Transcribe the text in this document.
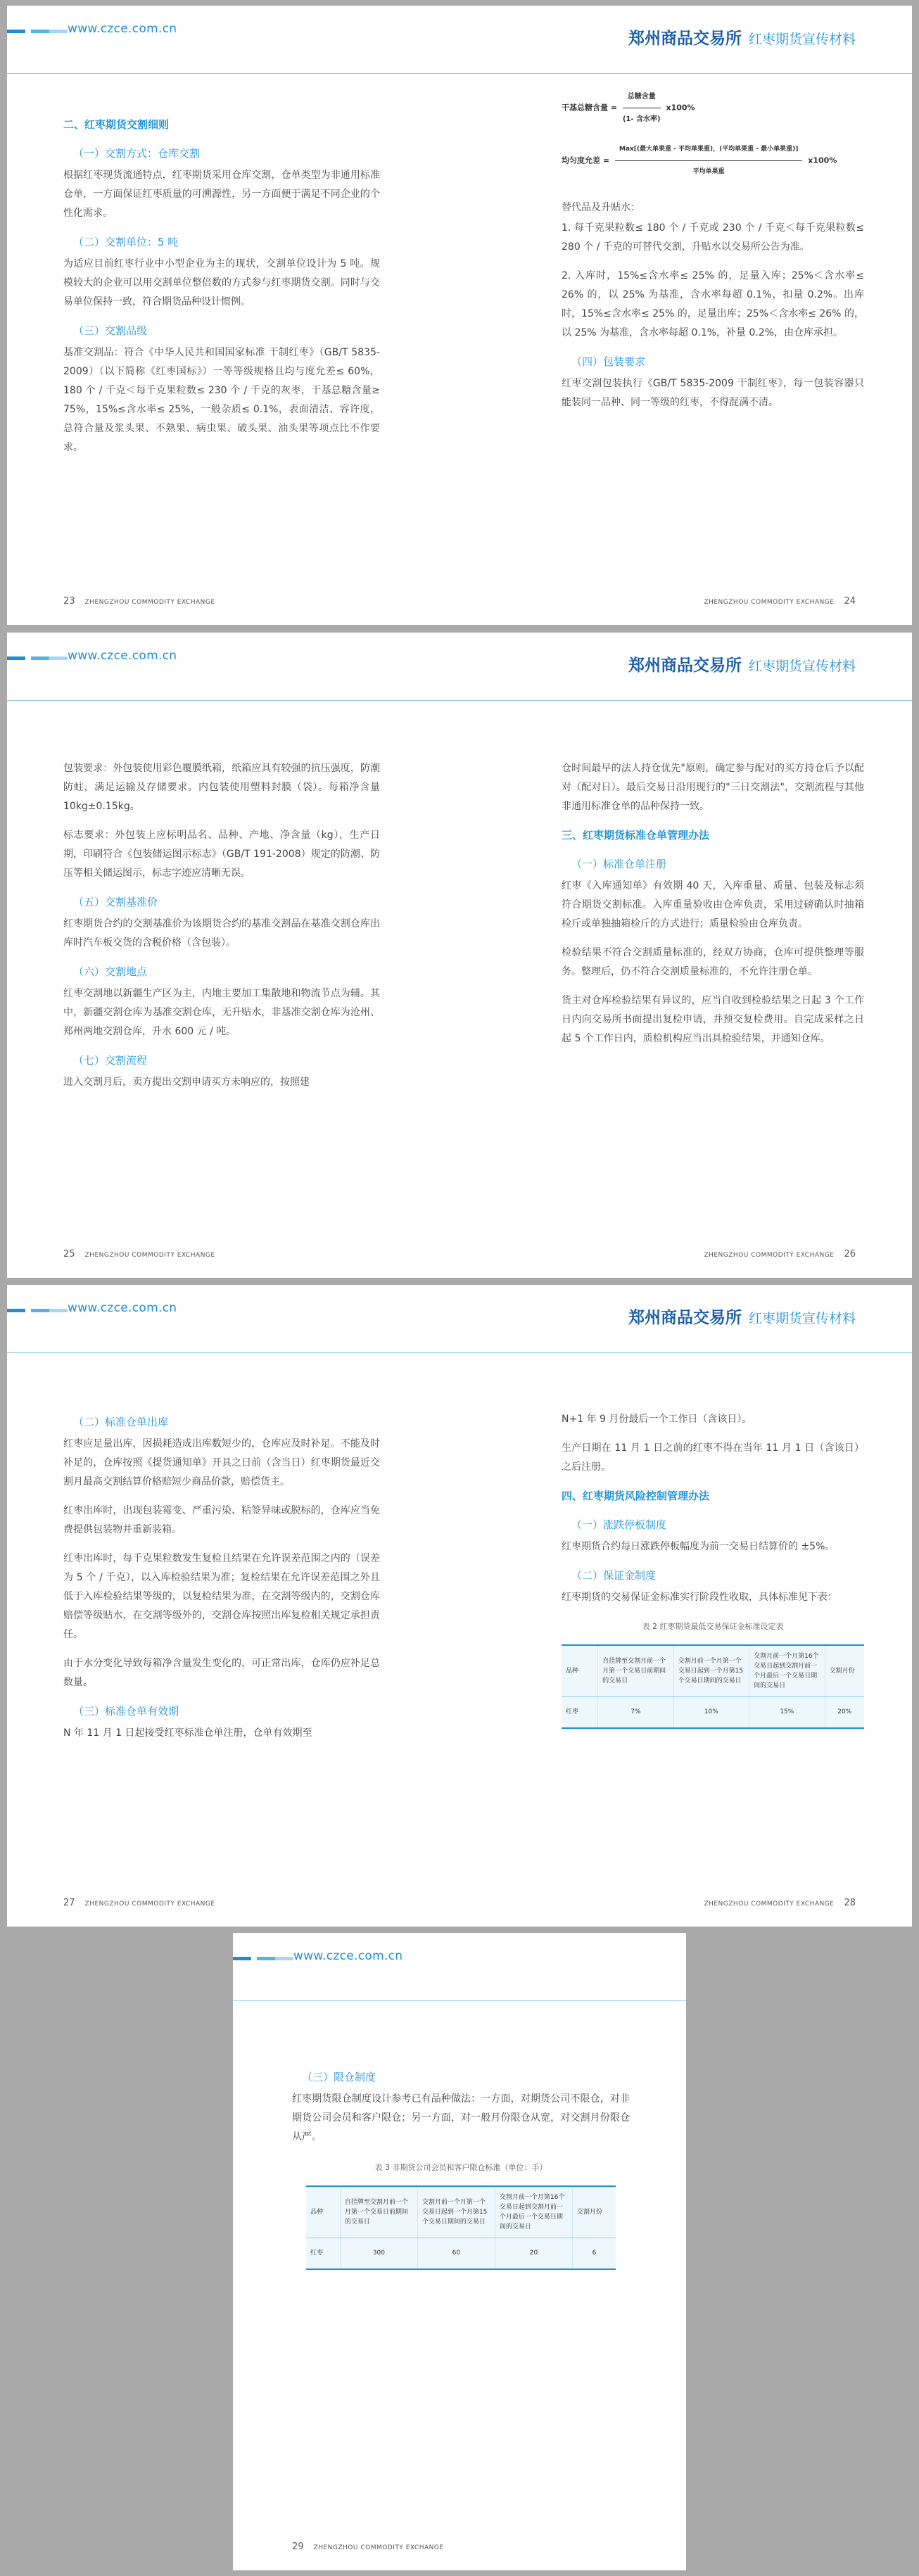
www.czce.com.cn
郑州商品交易所 红枣期货宣传材料
二、红枣期货交割细则
（一）交割方式：仓库交割

根据红枣现货流通特点，红枣期货采用仓库交割，仓单类型为非通用标准仓单，一方面保证红枣质量的可溯源性，另一方面便于满足不同企业的个性化需求。

（二）交割单位：5 吨

为适应目前红枣行业中小型企业为主的现状，交割单位设计为 5 吨。规模较大的企业可以用交割单位整倍数的方式参与红枣期货交割。同时与交易单位保持一致，符合期货品种设计惯例。

（三）交割品级

基准交割品：符合《中华人民共和国国家标准 干制红枣》（GB/T 5835-2009）（以下简称《红枣国标》）一等等级规格且均与度允差≤ 60%，180 个 / 千克＜每千克果粒数≤ 230 个 / 千克的灰枣，干基总糖含量≥ 75%，15%≤含水率≤ 25%，一般杂质≤ 0.1%，表面清洁、容许度，总符合量及浆头果、不熟果、病虫果、破头果、油头果等项点比不作要求。

23 ZHENGZHOU COMMODITY EXCHANGE
干基总糖含量 = $\frac{\text{总糖含量}}{\text{(1- 含水率)}} x100\%$
均匀度允差 = $\frac{\text{Max[(最大单果重 - 平均单果重)，(平均单果重 - 最小单果重)]}}{\text{平均单果重}} x100\%$

替代品及升贴水：

1. 每千克果粒数≤ 180 个 / 千克或 230 个 / 千克＜每千克果粒数≤ 280 个 / 千克的可替代交割，升贴水以交易所公告为准。

2. 入库时，15%≤含水率≤ 25% 的，足量入库；25%＜含水率≤ 26% 的，以 25% 为基准，含水率每超 0.1%，扣量 0.2%。出库时，15%≤含水率≤ 25% 的，足量出库；25%＜含水率≤ 26% 的，以 25% 为基准，含水率每超 0.1%，补量 0.2%，由仓库承担。

（四）包装要求

红枣交割包装执行《GB/T 5835-2009 干制红枣》，每一包装容器只能装同一品种、同一等级的红枣，不得混满不清。

ZHENGZHOU COMMODITY EXCHANGE 24
www.czce.com.cn
郑州商品交易所 红枣期货宣传材料

包装要求：外包装使用彩色覆膜纸箱，纸箱应具有较强的抗压强度，防潮防蛀，满足运输及存储要求。内包装使用塑料封膜（袋）。每箱净含量 10kg±0.15kg。

标志要求：外包装上应标明品名、品种、产地、净含量（kg），生产日期，印刷符合《包装储运图示标志》（GB/T 191-2008）规定的防潮、防压等相关储运图示，标志字迹应清晰无误。

（五）交割基准价

红枣期货合约的交割基准价为该期货合约的基准交割品在基准交割仓库出库时汽车板交货的含税价格（含包装）。

（六）交割地点

红枣交割地以新疆生产区为主，内地主要加工集散地和物流节点为辅。其中，新疆交割仓库为基准交割仓库，无升贴水，非基准交割仓库为沧州、郑州两地交割仓库，升水 600 元 / 吨。

（七）交割流程

进入交割月后，卖方提出交割申请买方未响应的，按照建

25 ZHENGZHOU COMMODITY EXCHANGE

仓时间最早的法人持仓优先"原则，确定参与配对的买方持仓后予以配对（配对日）。最后交易日沿用现行的"三日交割法"，交割流程与其他非通用标准仓单的品种保持一致。

三、红枣期货标准仓单管理办法
（一）标准仓单注册

红枣《入库通知单》有效期 40 天，入库重量、质量、包装及标志须符合期货交割标准。入库重量验收由仓库负责，采用过磅确认时抽箱检斤或单独抽箱检斤的方式进行；质量检验由仓库负责。

检验结果不符合交割质量标准的，经双方协商，仓库可提供整理等服务。整理后，仍不符合交割质量标准的，不允许注册仓单。

货主对仓库检验结果有异议的，应当自收到检验结果之日起 3 个工作日内向交易所书面提出复检申请，并预交复检费用。自完成采样之日起 5 个工作日内，质检机构应当出具检验结果，并通知仓库。

ZHENGZHOU COMMODITY EXCHANGE 26
www.czce.com.cn
郑州商品交易所 红枣期货宣传材料
（二）标准仓单出库

红枣应足量出库，因损耗造成出库数短少的，仓库应及时补足。不能及时补足的，仓库按照《提货通知单》开具之日前（含当日）红枣期货最近交割月最高交割结算价格赔短少商品价款，赔偿货主。

红枣出库时，出现包装霉变、严重污染、粘签异味或脱标的，仓库应当免费提供包装物并重新装箱。

红枣出库时，每千克果粒数发生复检且结果在允许误差范围之内的（误差为 5 个 / 千克），以入库检验结果为准；复检结果在允许误差范围之外且低于入库检验结果等级的，以复检结果为准，在交割等级内的，交割仓库赔偿等级贴水，在交割等级外的，交割仓库按照出库复检相关规定承担责任。

由于水分变化导致每箱净含量发生变化的，可正常出库，仓库仍应补足总数量。

（三）标准仓单有效期

N 年 11 月 1 日起接受红枣标准仓单注册，仓单有效期至

27 ZHENGZHOU COMMODITY EXCHANGE

N+1 年 9 月份最后一个工作日（含该日）。

生产日期在 11 月 1 日之前的红枣不得在当年 11 月 1 日（含该日）之后注册。

四、红枣期货风险控制管理办法
（一）涨跌停板制度

红枣期货合约每日涨跌停板幅度为前一交易日结算价的 ±5%。

（二）保证金制度

红枣期货的交易保证金标准实行阶段性收取，具体标准见下表：

表 2 红枣期货最低交易保证金标准设定表
品种	自挂牌至交割月前一个月第一个交易日前期间的交易日	交割月前一个月第一个交易日起到一个月第15个交易日期间的交易日	交割月前一个月第16个交易日起到交割月前一个月最后一个交易日期间的交易日	交割月份
红枣	7%	10%	15%	20%
ZHENGZHOU COMMODITY EXCHANGE 28
www.czce.com.cn
（三）限仓制度

红枣期货限仓制度设计参考已有品种做法：一方面，对期货公司不限仓，对非期货公司会员和客户限仓；另一方面，对一般月份限仓从宽，对交割月份限仓从严。

表 3 非期货公司会员和客户限仓标准（单位：手）
品种	自挂牌至交割月前一个月第一个交易日前期间的交易日	交割月前一个月第一个交易日起到一个月第15个交易日期间的交易日	交割月前一个月第16个交易日起到交割月前一个月最后一个交易日期间的交易日	交割月份
红枣	300	60	20	6
29 ZHENGZHOU COMMODITY EXCHANGE
